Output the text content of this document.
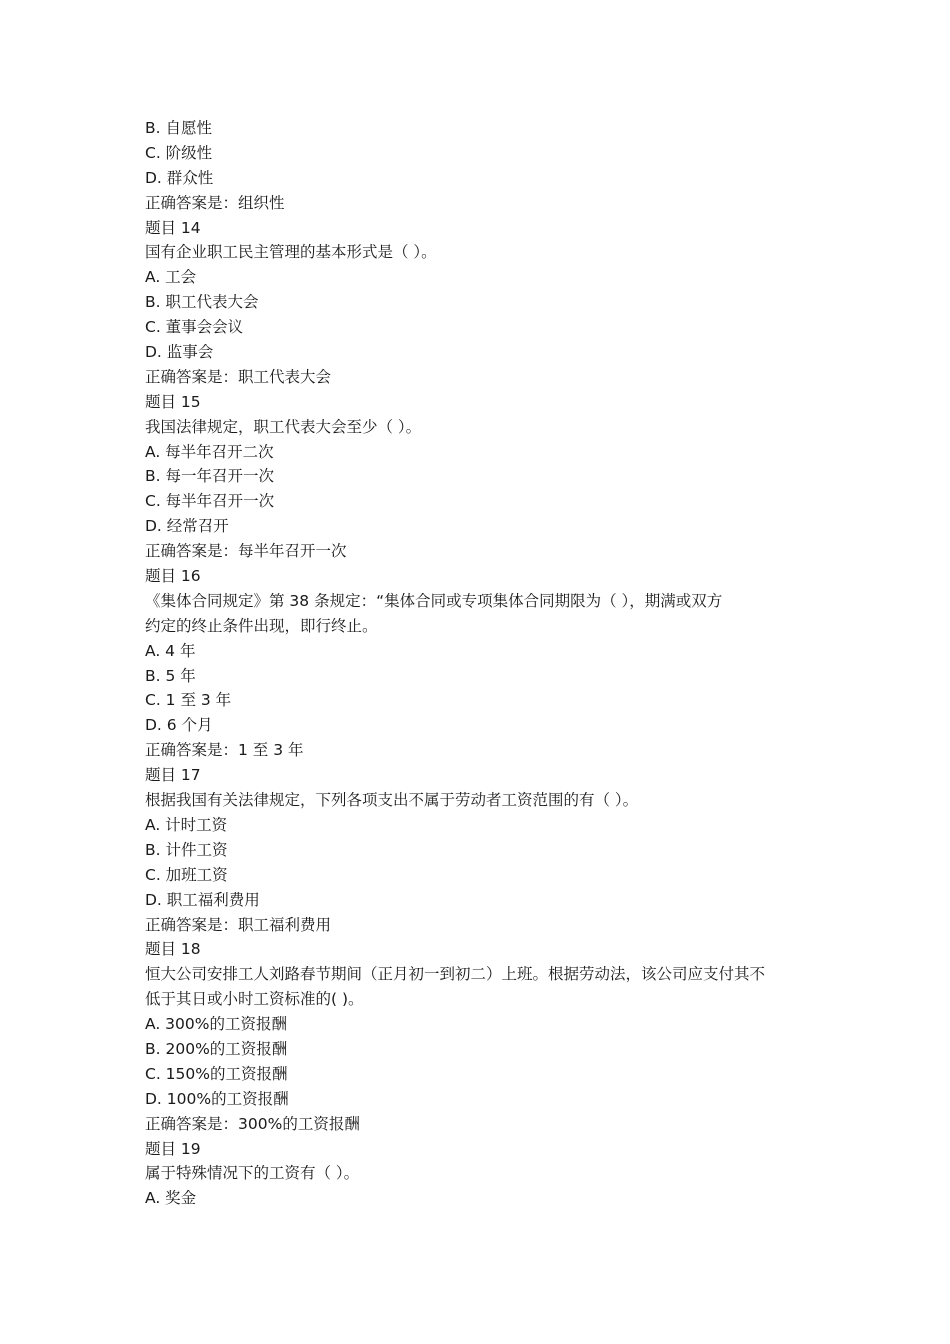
B. 自愿性
C. 阶级性
D. 群众性
正确答案是：组织性
题目 14
国有企业职工民主管理的基本形式是（ ）。
A. 工会
B. 职工代表大会
C. 董事会会议
D. 监事会
正确答案是：职工代表大会
题目 15
我国法律规定，职工代表大会至少（ ）。
A. 每半年召开二次
B. 每一年召开一次
C. 每半年召开一次
D. 经常召开
正确答案是：每半年召开一次
题目 16
《集体合同规定》第 38 条规定：“集体合同或专项集体合同期限为（ ），期满或双方
约定的终止条件出现，即行终止。
A. 4 年
B. 5 年
C. 1 至 3 年
D. 6 个月
正确答案是：1 至 3 年
题目 17
根据我国有关法律规定，下列各项支出不属于劳动者工资范围的有（ ）。
A. 计时工资
B. 计件工资
C. 加班工资
D. 职工福利费用
正确答案是：职工福利费用
题目 18
恒大公司安排工人刘路春节期间（正月初一到初二）上班。根据劳动法，该公司应支付其不
低于其日或小时工资标准的( )。
A. 300%的工资报酬
B. 200%的工资报酬
C. 150%的工资报酬
D. 100%的工资报酬
正确答案是：300%的工资报酬
题目 19
属于特殊情况下的工资有（ ）。
A. 奖金
